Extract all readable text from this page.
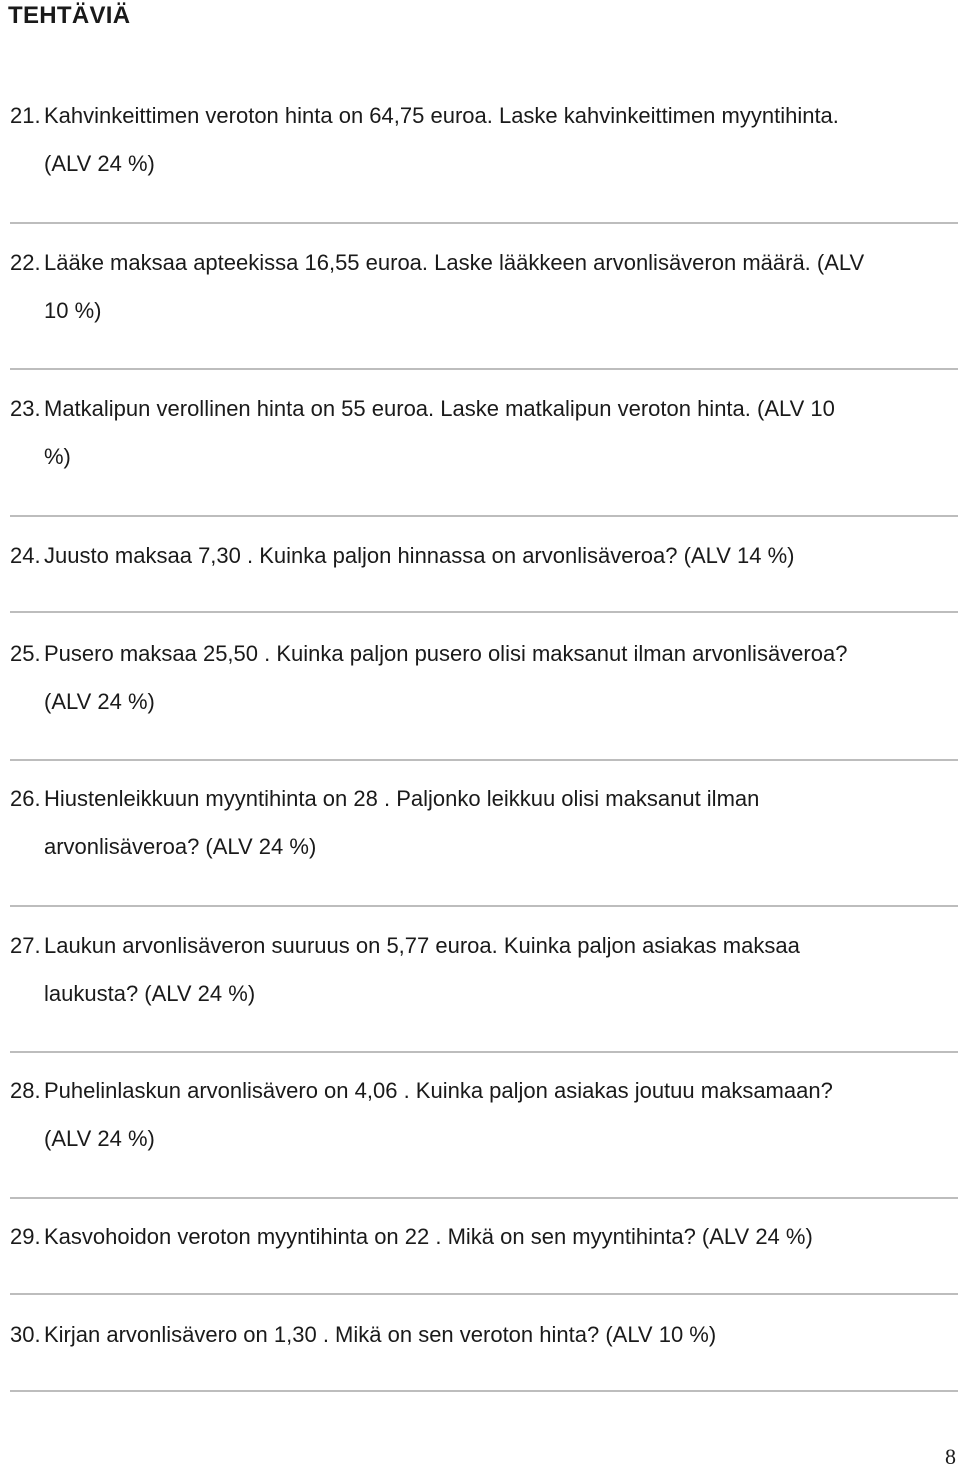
TEHTÄVIÄ
21. Kahvinkeittimen veroton hinta on 64,75 euroa. Laske kahvinkeittimen myyntihinta.
(ALV 24 %)
22. Lääke maksaa apteekissa 16,55 euroa. Laske lääkkeen arvonlisäveron määrä. (ALV
10 %)
23. Matkalipun verollinen hinta on 55 euroa. Laske matkalipun veroton hinta. (ALV 10
%)
24. Juusto maksaa 7,30 . Kuinka paljon hinnassa on arvonlisäveroa? (ALV 14 %)
25. Pusero maksaa 25,50 . Kuinka paljon pusero olisi maksanut ilman arvonlisäveroa?
(ALV 24 %)
26. Hiustenleikkuun myyntihinta on 28 . Paljonko leikkuu olisi maksanut ilman
arvonlisäveroa? (ALV 24 %)
27. Laukun arvonlisäveron suuruus on 5,77 euroa. Kuinka paljon asiakas maksaa
laukusta? (ALV 24 %)
28. Puhelinlaskun arvonlisävero on 4,06 . Kuinka paljon asiakas joutuu maksamaan?
(ALV 24 %)
29. Kasvohoidon veroton myyntihinta on 22 . Mikä on sen myyntihinta? (ALV 24 %)
30. Kirjan arvonlisävero on 1,30 . Mikä on sen veroton hinta? (ALV 10 %)
8
